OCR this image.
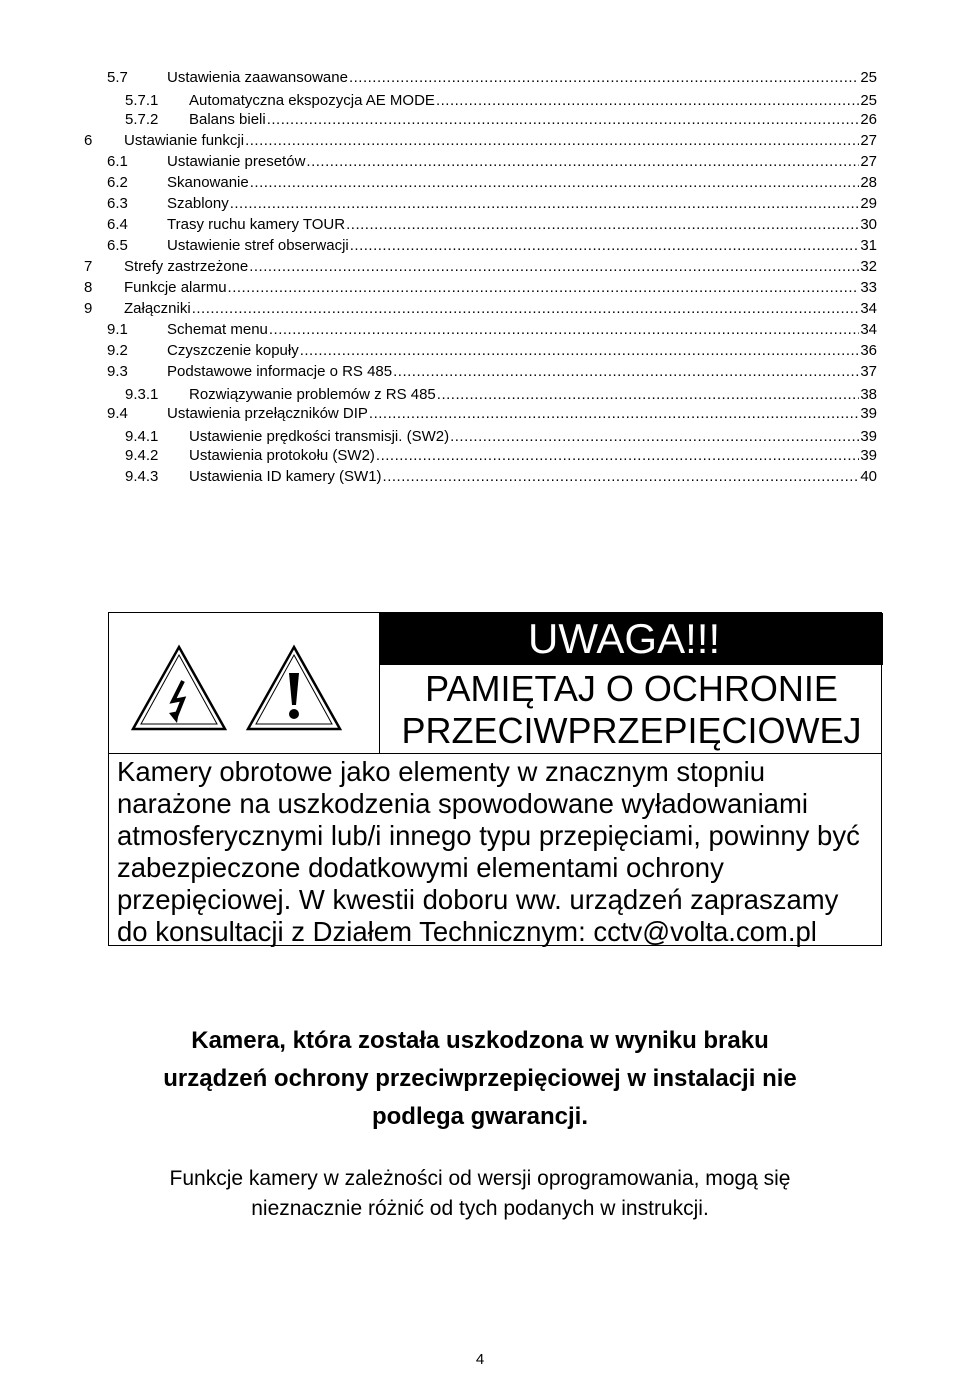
5.7	Ustawienia zaawansowane .....	25
5.7.1	Automatyczna ekspozycja AE MODE .....	25
5.7.2	Balans bieli .....	26
6	Ustawianie funkcji .....	27
6.1	Ustawianie presetów .....	27
6.2	Skanowanie .....	28
6.3	Szablony .....	29
6.4	Trasy ruchu kamery TOUR .....	30
6.5	Ustawienie stref obserwacji .....	31
7	Strefy zastrzeżone .....	32
8	Funkcje alarmu .....	33
9	Załączniki .....	34
9.1	Schemat menu .....	34
9.2	Czyszczenie kopuły .....	36
9.3	Podstawowe informacje o RS 485 .....	37
9.3.1	Rozwiązywanie problemów z RS 485 .....	38
9.4	Ustawienia przełączników DIP .....	39
9.4.1	Ustawienie prędkości transmisji. (SW2) .....	39
9.4.2	Ustawienia protokołu (SW2) .....	39
9.4.3	Ustawienia ID kamery (SW1) .....	40
UWAGA!!!
PAMIĘTAJ O OCHRONIE
PRZECIWPRZEPIĘCIOWEJ
Kamery obrotowe jako elementy w znacznym stopniu
narażone na uszkodzenia spowodowane wyładowaniami
atmosferycznymi lub/i innego typu przepięciami, powinny być
zabezpieczone dodatkowymi elementami ochrony
przepięciowej. W kwestii doboru ww. urządzeń zapraszamy
do konsultacji z Działem Technicznym: cctv@volta.com.pl
Kamera, która została uszkodzona w wyniku braku
urządzeń ochrony przeciwprzepięciowej w instalacji nie
podlega gwarancji.
Funkcje kamery w zależności od wersji oprogramowania, mogą się
nieznacznie różnić od tych podanych w instrukcji.
4
